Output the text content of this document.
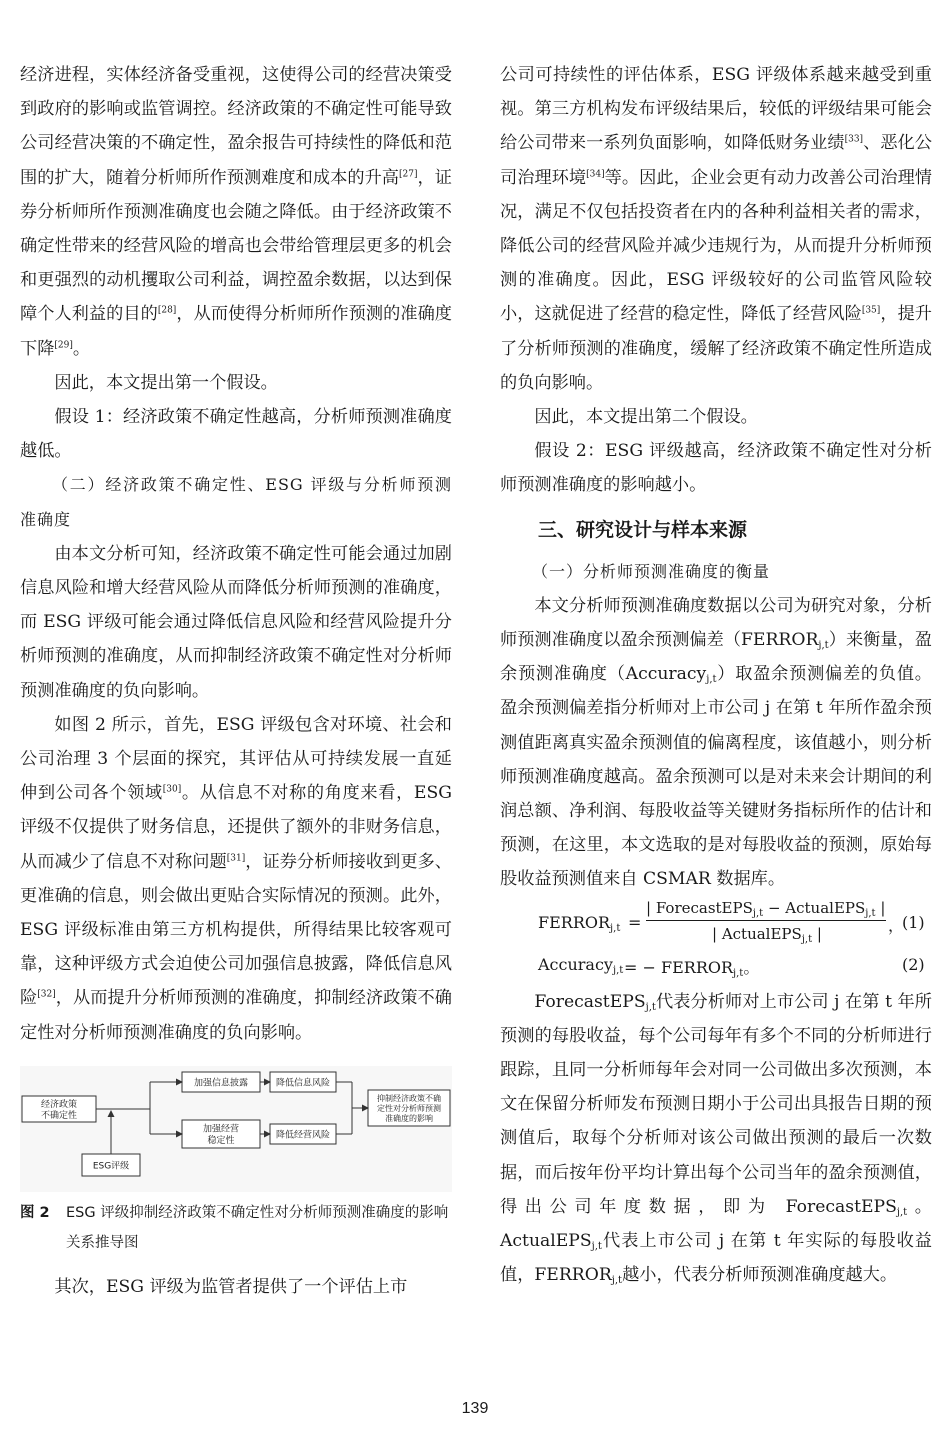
经济进程，实体经济备受重视，这使得公司的经营决策受到政府的影响或监管调控。经济政策的不确定性可能导致公司经营决策的不确定性，盈余报告可持续性的降低和范围的扩大，随着分析师所作预测难度和成本的升高[27]，证券分析师所作预测准确度也会随之降低。由于经济政策不确定性带来的经营风险的增高也会带给管理层更多的机会和更强烈的动机攫取公司利益，调控盈余数据，以达到保障个人利益的目的[28]，从而使得分析师所作预测的准确度下降[29]。

因此，本文提出第一个假设。

假设 1：经济政策不确定性越高，分析师预测准确度越低。

（二）经济政策不确定性、ESG 评级与分析师预测准确度

由本文分析可知，经济政策不确定性可能会通过加剧信息风险和增大经营风险从而降低分析师预测的准确度，而 ESG 评级可能会通过降低信息风险和经营风险提升分析师预测的准确度，从而抑制经济政策不确定性对分析师预测准确度的负向影响。

如图 2 所示，首先，ESG 评级包含对环境、社会和公司治理 3 个层面的探究，其评估从可持续发展一直延伸到公司各个领域[30]。从信息不对称的角度来看，ESG 评级不仅提供了财务信息，还提供了额外的非财务信息，从而减少了信息不对称问题[31]，证券分析师接收到更多、更准确的信息，则会做出更贴合实际情况的预测。此外，ESG 评级标准由第三方机构提供，所得结果比较客观可靠，这种评级方式会迫使公司加强信息披露，降低信息风险[32]，从而提升分析师预测的准确度，抑制经济政策不确定性对分析师预测准确度的负向影响。

经济政策
不确定性
加强信息披露	降低信息风险
加强经营
稳定性
降低经营风险
抑制经济政策不确
定性对分析师预测
准确度的影响
ESG评级
图 2 ESG 评级抑制经济政策不确定性对分析师预测准确度的影响关系推导图

其次，ESG 评级为监管者提供了一个评估上市

公司可持续性的评估体系，ESG 评级体系越来越受到重视。第三方机构发布评级结果后，较低的评级结果可能会给公司带来一系列负面影响，如降低财务业绩[33]、恶化公司治理环境[34]等。因此，企业会更有动力改善公司治理情况，满足不仅包括投资者在内的各种利益相关者的需求，降低公司的经营风险并减少违规行为，从而提升分析师预测的准确度。因此，ESG 评级较好的公司监管风险较小，这就促进了经营的稳定性，降低了经营风险[35]，提升了分析师预测的准确度，缓解了经济政策不确定性所造成的负向影响。

因此，本文提出第二个假设。

假设 2：ESG 评级越高，经济政策不确定性对分析师预测准确度的影响越小。

三、研究设计与样本来源

（一）分析师预测准确度的衡量

本文分析师预测准确度数据以公司为研究对象，分析师预测准确度以盈余预测偏差（FERRORj,t）来衡量，盈余预测准确度（Accuracyj,t）取盈余预测偏差的负值。盈余预测偏差指分析师对上市公司 j 在第 t 年所作盈余预测值距离真实盈余预测值的偏离程度，该值越小，则分析师预测准确度越高。盈余预测可以是对未来会计期间的利润总额、净利润、每股收益等关键财务指标所作的估计和预测，在这里，本文选取的是对每股收益的预测，原始每股收益预测值来自 CSMAR 数据库。

FERRORj,t =
| ForecastEPS$_{j,t}$ − ActualEPS$_{j,t}$ |
| ActualEPS$_{j,t}$ |	，
(1)
Accuracyj,t = − FERRORj,t。	(2)

ForecastEPSj,t代表分析师对上市公司 j 在第 t 年所预测的每股收益，每个公司每年有多个不同的分析师进行跟踪，且同一分析师每年会对同一公司做出多次预测，本文在保留分析师发布预测日期小于公司出具报告日期的预测值后，取每个分析师对该公司做出预测的最后一次数据，而后按年份平均计算出每个公司当年的盈余预测值，得出公司年度数据，即为 ForecastEPSj,t。ActualEPSj,t代表上市公司 j 在第 t 年实际的每股收益值，FERRORj,t越小，代表分析师预测准确度越大。

139
